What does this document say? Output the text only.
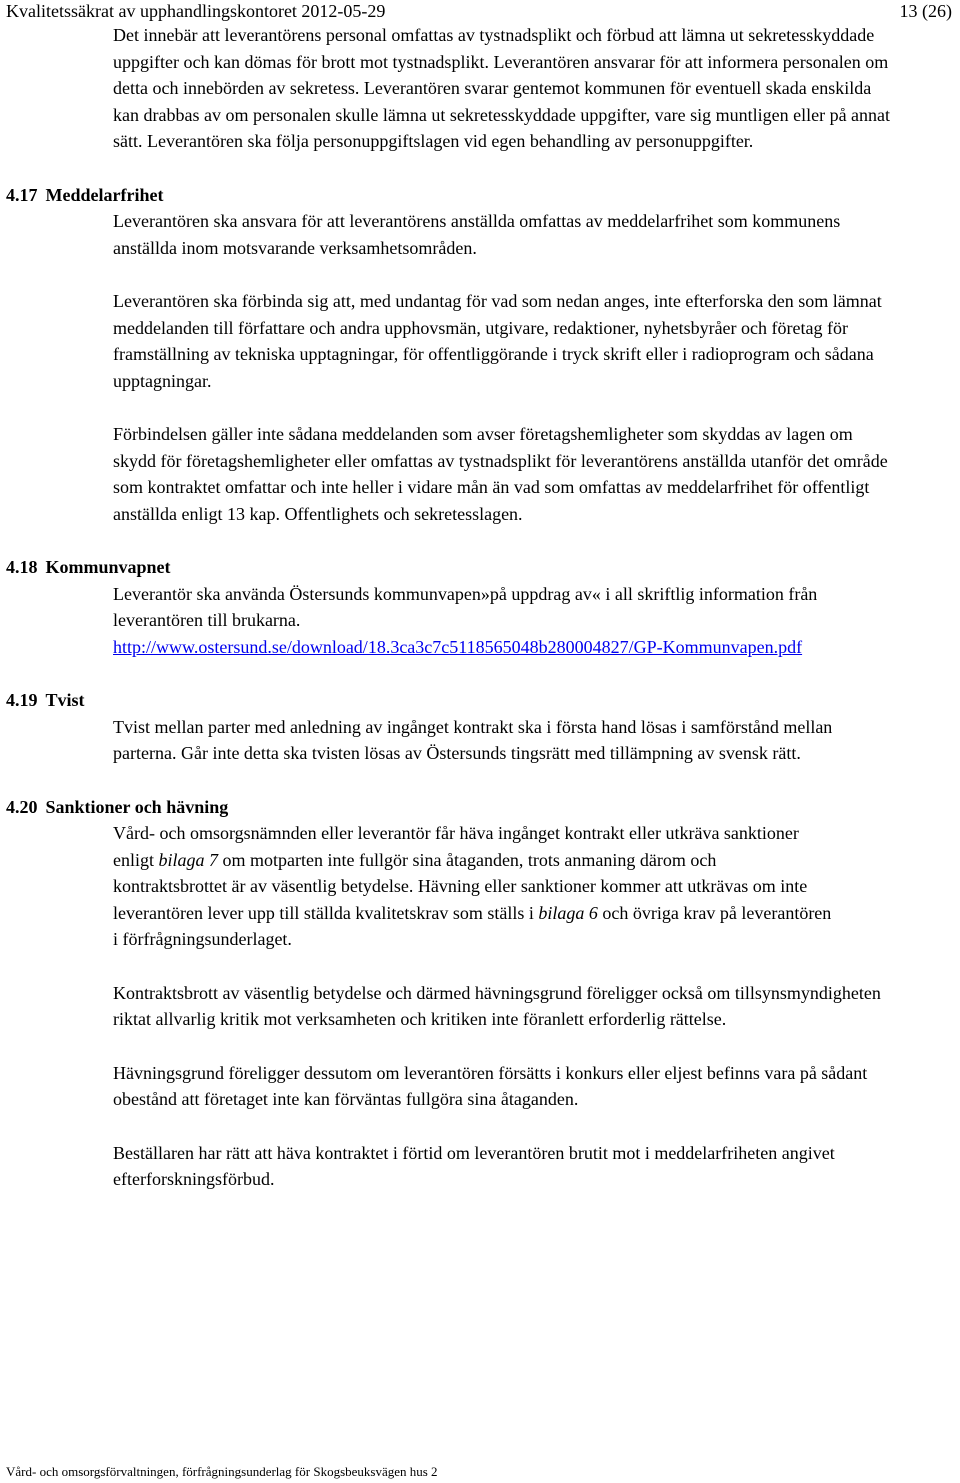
Kvalitetssäkrat av upphandlingskontoret 2012-05-29	13 (26)
Det innebär att leverantörens personal omfattas av tystnadsplikt och förbud att lämna ut sekretesskyddade uppgifter och kan dömas för brott mot tystnadsplikt. Leverantören ansvarar för att informera personalen om detta och innebörden av sekretess. Leverantören svarar gentemot kommunen för eventuell skada enskilda kan drabbas av om personalen skulle lämna ut sekretesskyddade uppgifter, vare sig muntligen eller på annat sätt. Leverantören ska följa personuppgiftslagen vid egen behandling av personuppgifter.
4.17 Meddelarfrihet
Leverantören ska ansvara för att leverantörens anställda omfattas av meddelarfrihet som kommunens anställda inom motsvarande verksamhetsområden.
Leverantören ska förbinda sig att, med undantag för vad som nedan anges, inte efterforska den som lämnat meddelanden till författare och andra upphovsmän, utgivare, redaktioner, nyhetsbyråer och företag för framställning av tekniska upptagningar, för offentliggörande i tryck skrift eller i radioprogram och sådana upptagningar.
Förbindelsen gäller inte sådana meddelanden som avser företagshemligheter som skyddas av lagen om skydd för företagshemligheter eller omfattas av tystnadsplikt för leverantörens anställda utanför det område som kontraktet omfattar och inte heller i vidare mån än vad som omfattas av meddelarfrihet för offentligt anställda enligt 13 kap. Offentlighets och sekretesslagen.
4.18 Kommunvapnet
Leverantör ska använda Östersunds kommunvapen»på uppdrag av« i all skriftlig information från leverantören till brukarna.
http://www.ostersund.se/download/18.3ca3c7c5118565048b280004827/GP-Kommunvapen.pdf
4.19 Tvist
Tvist mellan parter med anledning av ingånget kontrakt ska i första hand lösas i samförstånd mellan parterna. Går inte detta ska tvisten lösas av Östersunds tingsrätt med tillämpning av svensk rätt.
4.20 Sanktioner och hävning
Vård- och omsorgsnämnden eller leverantör får häva ingånget kontrakt eller utkräva sanktioner enligt bilaga 7 om motparten inte fullgör sina åtaganden, trots anmaning därom och kontraktsbrottet är av väsentlig betydelse. Hävning eller sanktioner kommer att utkrävas om inte leverantören lever upp till ställda kvalitetskrav som ställs i bilaga 6 och övriga krav på leverantören i förfrågningsunderlaget.
Kontraktsbrott av väsentlig betydelse och därmed hävningsgrund föreligger också om tillsynsmyndigheten riktat allvarlig kritik mot verksamheten och kritiken inte föranlett erforderlig rättelse.
Hävningsgrund föreligger dessutom om leverantören försätts i konkurs eller eljest befinns vara på sådant obestånd att företaget inte kan förväntas fullgöra sina åtaganden.
Beställaren har rätt att häva kontraktet i förtid om leverantören brutit mot i meddelarfriheten angivet efterforskningsförbud.
Vård- och omsorgsförvaltningen, förfrågningsunderlag för Skogsbeuksvägen hus 2
